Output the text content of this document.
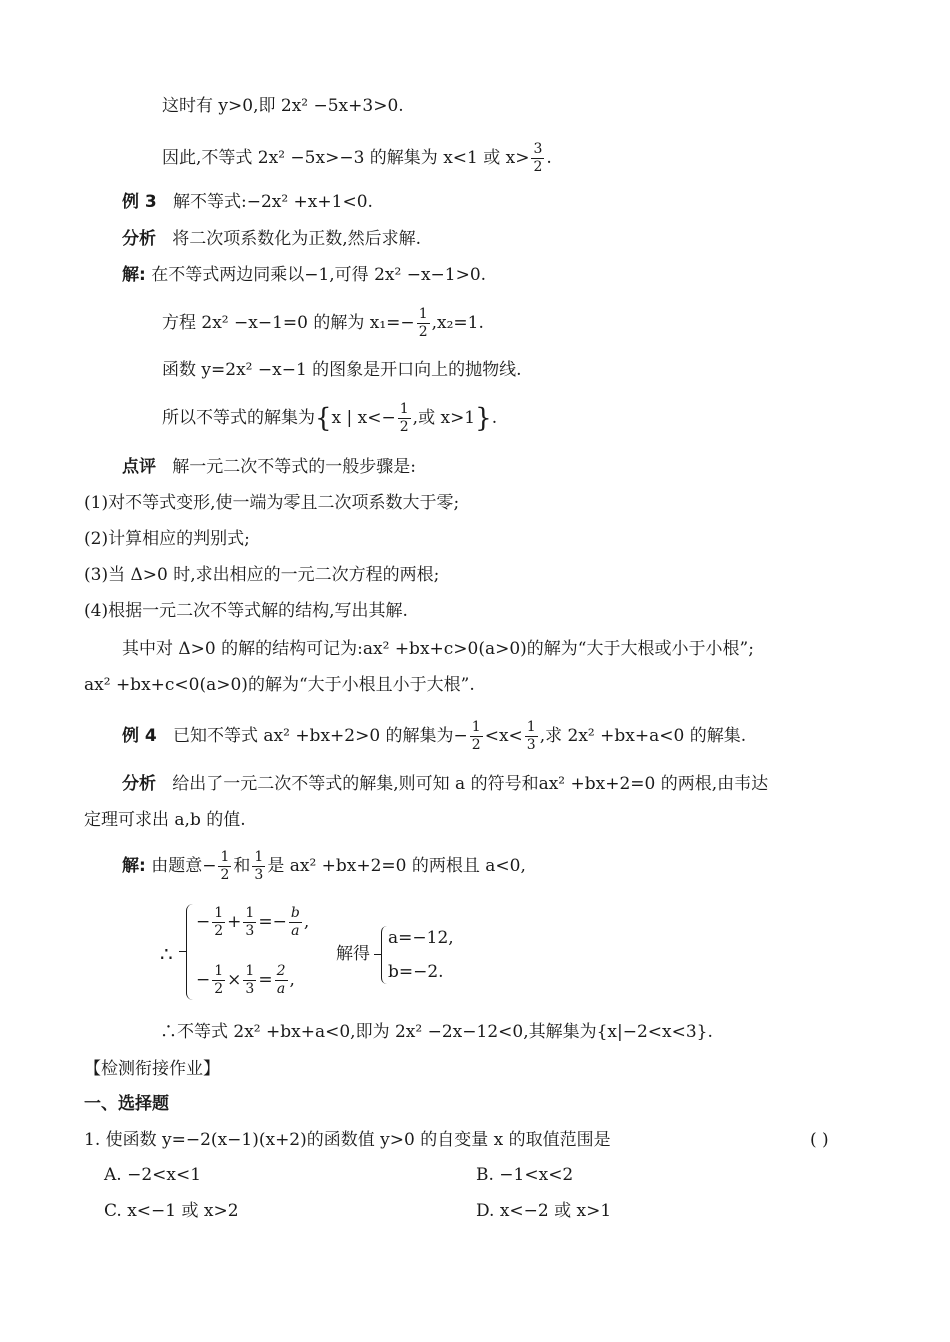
这时有 y>0,即 2x² −5x+3>0.
因此,不等式 2x² −5x>−3 的解集为 x<1 或 $x> \frac{3}{2}$ .
例 3 解不等式:−2x² +x+1<0.
分析 将二次项系数化为正数,然后求解.
解: 在不等式两边同乘以−1,可得 2x² −x−1>0.
方程 2x² −x−1=0 的解为 $x_1=- \frac{1}{2} ,x_2=1$.
函数 y=2x² −x−1 的图象是开口向上的抛物线.
所以不等式的解集为{x | $x<- \frac{1}{2}$ ,或 x>1}.
点评 解一元二次不等式的一般步骤是:
(1)对不等式变形,使一端为零且二次项系数大于零;
(2)计算相应的判别式;
(3)当 Δ>0 时,求出相应的一元二次方程的两根;
(4)根据一元二次不等式解的结构,写出其解.
其中对 Δ>0 的解的结构可记为:ax² +bx+c>0(a>0)的解为“大于大根或小于小根”;
ax² +bx+c<0(a>0)的解为“大于小根且小于大根”.
例 4 已知不等式 ax² +bx+2>0 的解集为− $\frac{1}{2} <x< \frac{1}{3}$ ,求 2x² +bx+a<0 的解集.
分析 给出了一元二次不等式的解集,则可知 a 的符号和ax² +bx+2=0 的两根,由韦达
定理可求出 a,b 的值.
解: 由题意− $\frac{1}{2}$ 和 $\frac{1}{3}$ 是 ax² +bx+2=0 的两根且 a<0,
∴
− $\frac{1}{2} + \frac{1}{3} =- \frac{b}{a}$ ,
− $\frac{1}{2} \times \frac{1}{3} = \frac{2}{a}$ ,
解得
a=−12,
b=−2.
∴不等式 2x² +bx+a<0,即为 2x² −2x−12<0,其解集为{x|−2<x<3}.
【检测衔接作业】
一、选择题
1. 使函数 y=−2(x−1)(x+2)的函数值 y>0 的自变量 x 的取值范围是	( )
A. −2<x<1	B. −1<x<2
C. x<−1 或 x>2	D. x<−2 或 x>1
